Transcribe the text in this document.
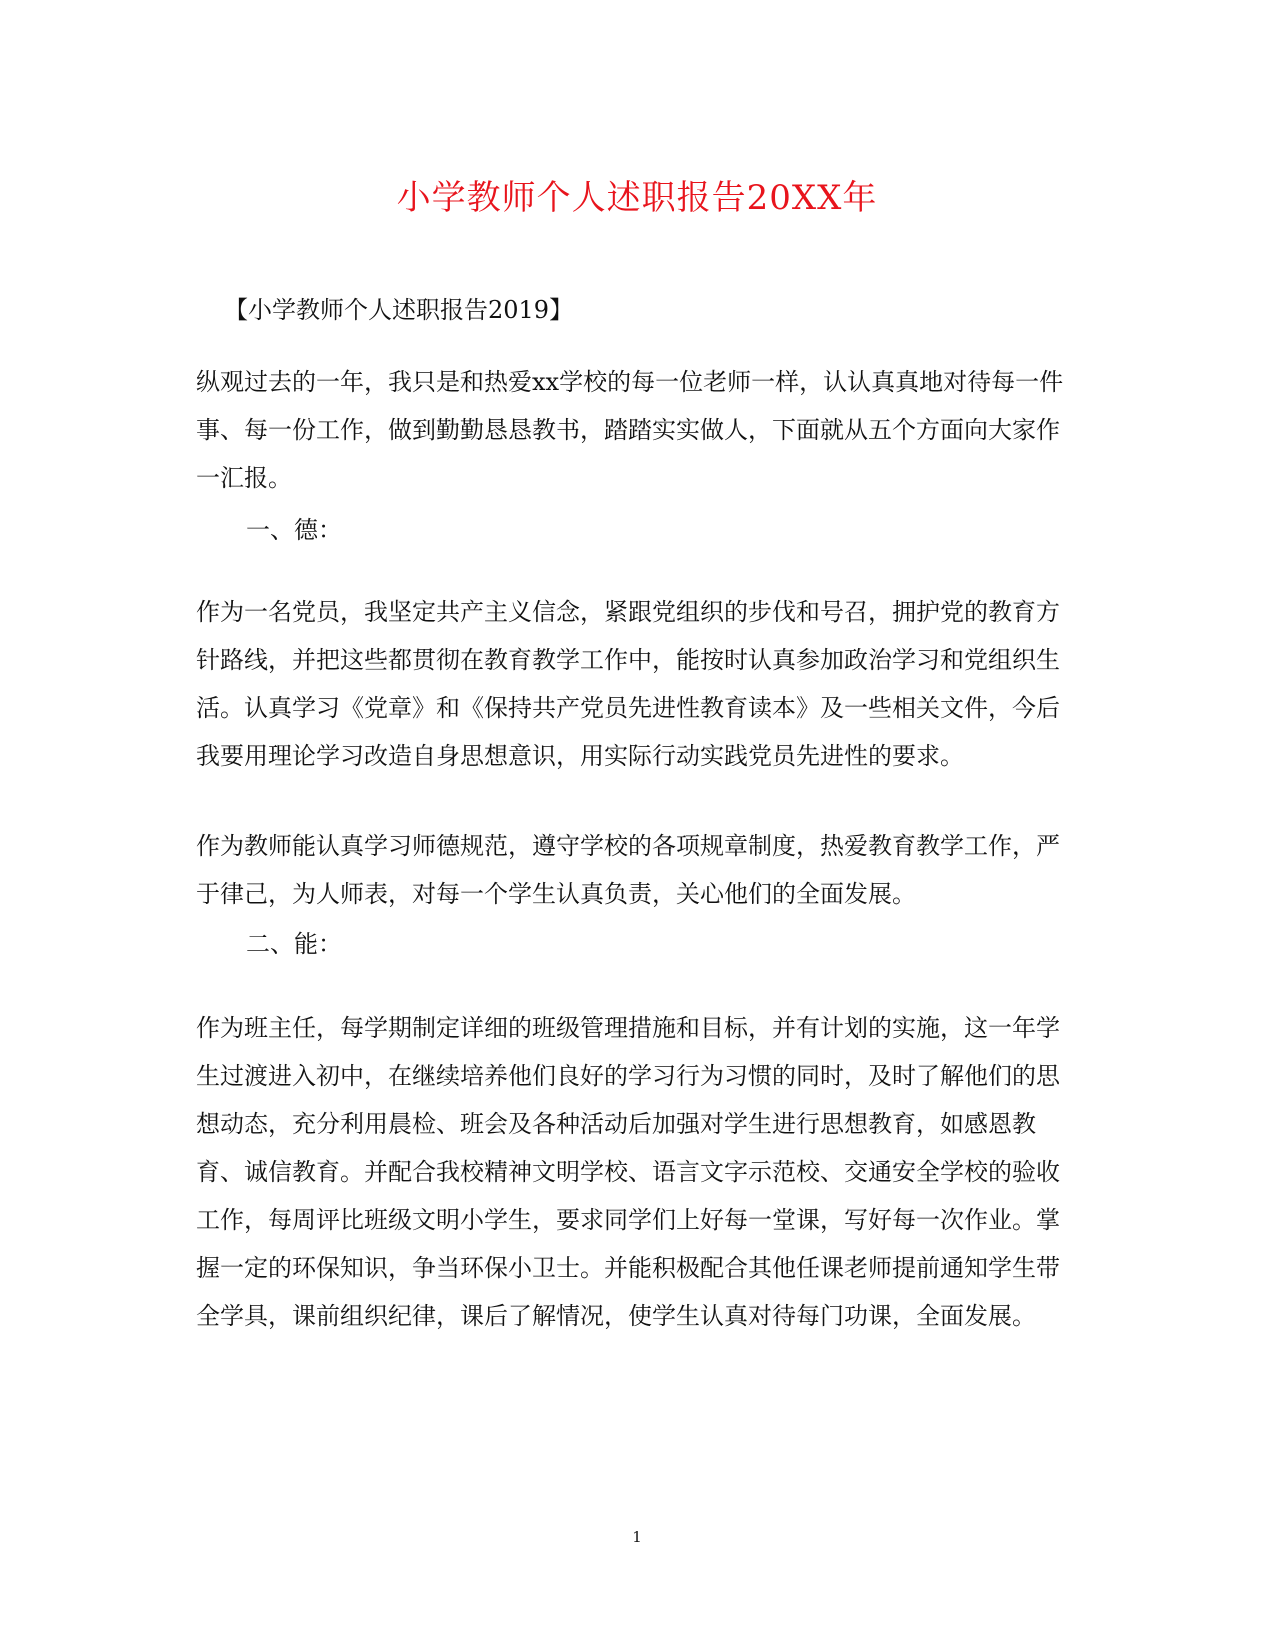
小学教师个人述职报告20XX年
【小学教师个人述职报告2019】
纵观过去的一年，我只是和热爱xx学校的每一位老师一样，认认真真地对待每一件事、每一份工作，做到勤勤恳恳教书，踏踏实实做人，下面就从五个方面向大家作一汇报。
一、德：
作为一名党员，我坚定共产主义信念，紧跟党组织的步伐和号召，拥护党的教育方针路线，并把这些都贯彻在教育教学工作中，能按时认真参加政治学习和党组织生活。认真学习《党章》和《保持共产党员先进性教育读本》及一些相关文件，今后我要用理论学习改造自身思想意识，用实际行动实践党员先进性的要求。
作为教师能认真学习师德规范，遵守学校的各项规章制度，热爱教育教学工作，严于律己，为人师表，对每一个学生认真负责，关心他们的全面发展。
二、能：
作为班主任，每学期制定详细的班级管理措施和目标，并有计划的实施，这一年学生过渡进入初中，在继续培养他们良好的学习行为习惯的同时，及时了解他们的思想动态，充分利用晨检、班会及各种活动后加强对学生进行思想教育，如感恩教育、诚信教育。并配合我校精神文明学校、语言文字示范校、交通安全学校的验收工作，每周评比班级文明小学生，要求同学们上好每一堂课，写好每一次作业。掌握一定的环保知识，争当环保小卫士。并能积极配合其他任课老师提前通知学生带全学具，课前组织纪律，课后了解情况，使学生认真对待每门功课，全面发展。
1
